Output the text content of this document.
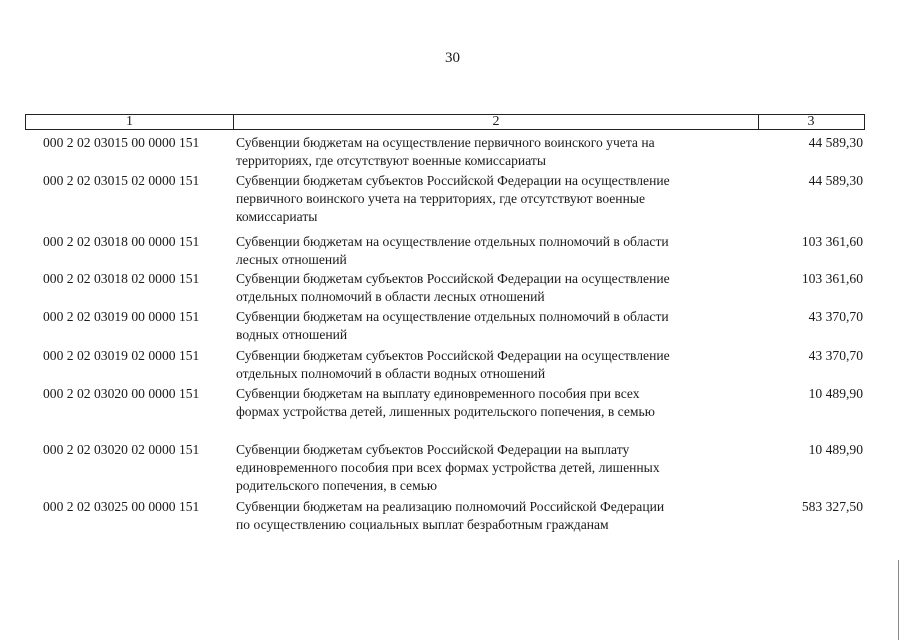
30
1	2	3
000 2 02 03015 00 0000 151	Субвенции бюджетам на осуществление первичного воинского учета на
территориях, где отсутствуют военные комиссариаты
44 589,30
000 2 02 03015 02 0000 151	Субвенции бюджетам субъектов Российской Федерации на осуществление
первичного воинского учета на территориях, где отсутствуют военные
комиссариаты
44 589,30
000 2 02 03018 00 0000 151	Субвенции бюджетам на осуществление отдельных полномочий в области
лесных отношений
103 361,60
000 2 02 03018 02 0000 151	Субвенции бюджетам субъектов Российской Федерации на осуществление
отдельных полномочий в области лесных отношений
103 361,60
000 2 02 03019 00 0000 151	Субвенции бюджетам на осуществление отдельных полномочий в области
водных отношений
43 370,70
000 2 02 03019 02 0000 151	Субвенции бюджетам субъектов Российской Федерации на осуществление
отдельных полномочий в области водных отношений
43 370,70
000 2 02 03020 00 0000 151	Субвенции бюджетам на выплату единовременного пособия при всех
формах устройства детей, лишенных родительского попечения, в семью
10 489,90
000 2 02 03020 02 0000 151	Субвенции бюджетам субъектов Российской Федерации на выплату
единовременного пособия при всех формах устройства детей, лишенных
родительского попечения, в семью
10 489,90
000 2 02 03025 00 0000 151	Субвенции бюджетам на реализацию полномочий Российской Федерации
по осуществлению социальных выплат безработным гражданам
583 327,50
